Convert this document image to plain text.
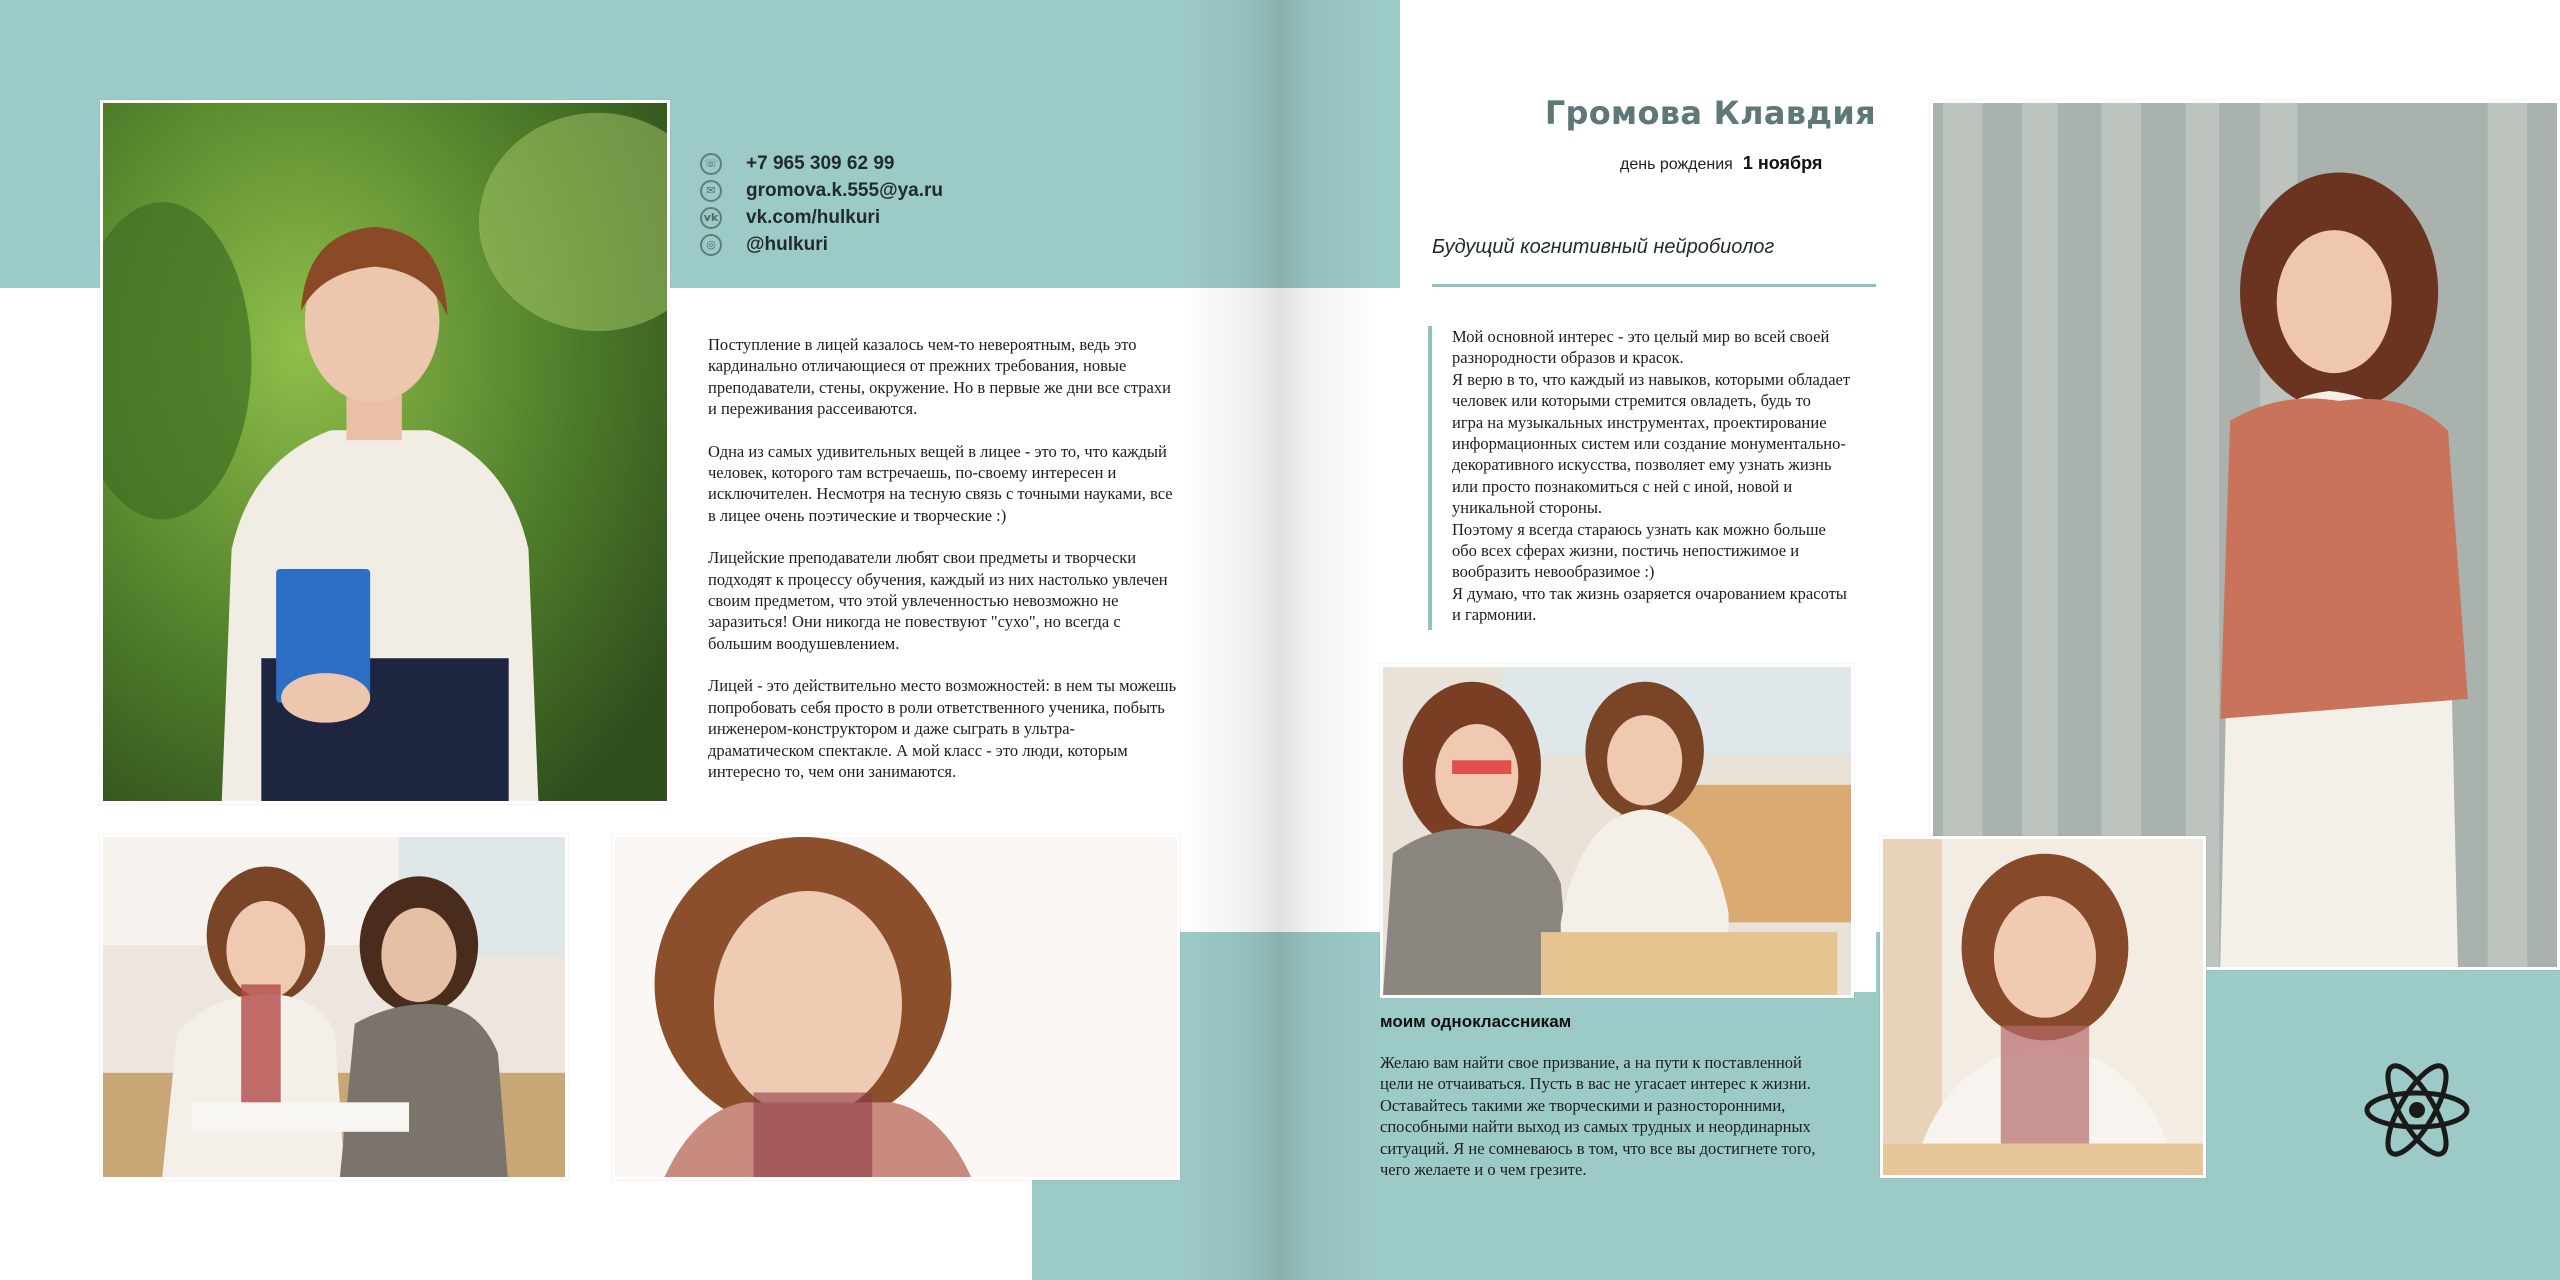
☏ +7 965 309 62 99
✉	gromova.k.555@ya.ru
vk vk.com/hulkuri
◎	@hulkuri

Поступление в лицей казалось чем-то невероятным, ведь это кардинально отличающиеся от прежних требования, новые преподаватели, стены, окружение. Но в первые же дни все страхи и переживания рассеиваются.

Одна из самых удивительных вещей в лицее - это то, что каждый человек, которого там встречаешь, по-своему интересен и исключителен. Несмотря на тесную связь с точными науками, все в лицее очень поэтические и творческие :)

Лицейские преподаватели любят свои предметы и творчески подходят к процессу обучения, каждый из них настолько увлечен своим предметом, что этой увлеченностью невозможно не заразиться! Они никогда не повествуют "сухо", но всегда с большим воодушевлением.

Лицей - это действительно место возможностей: в нем ты можешь попробовать себя просто в роли ответственного ученика, побыть инженером-конструктором и даже сыграть в ультра-драматическом спектакле. А мой класс - это люди, которым интересно то, чем они занимаются.

Громова Клавдия
день рождения 1 ноября
Будущий когнитивный нейробиолог
Мой основной интерес - это целый мир во всей своей
разнородности образов и красок.
Я верю в то, что каждый из навыков, которыми обладает
человек или которыми стремится овладеть, будь то
игра на музыкальных инструментах, проектирование
информационных систем или создание монументально-
декоративного искусства, позволяет ему узнать жизнь
или просто познакомиться с ней с иной, новой и
уникальной стороны.
Поэтому я всегда стараюсь узнать как можно больше
обо всех сферах жизни, постичь непостижимое и
вообразить невообразимое :)
Я думаю, что так жизнь озаряется очарованием красоты
и гармонии.
моим одноклассникам
Желаю вам найти свое призвание, а на пути к поставленной
цели не отчаиваться. Пусть в вас не угасает интерес к жизни.
Оставайтесь такими же творческими и разносторонними,
способными найти выход из самых трудных и неординарных
ситуаций. Я не сомневаюсь в том, что все вы достигнете того,
чего желаете и о чем грезите.
